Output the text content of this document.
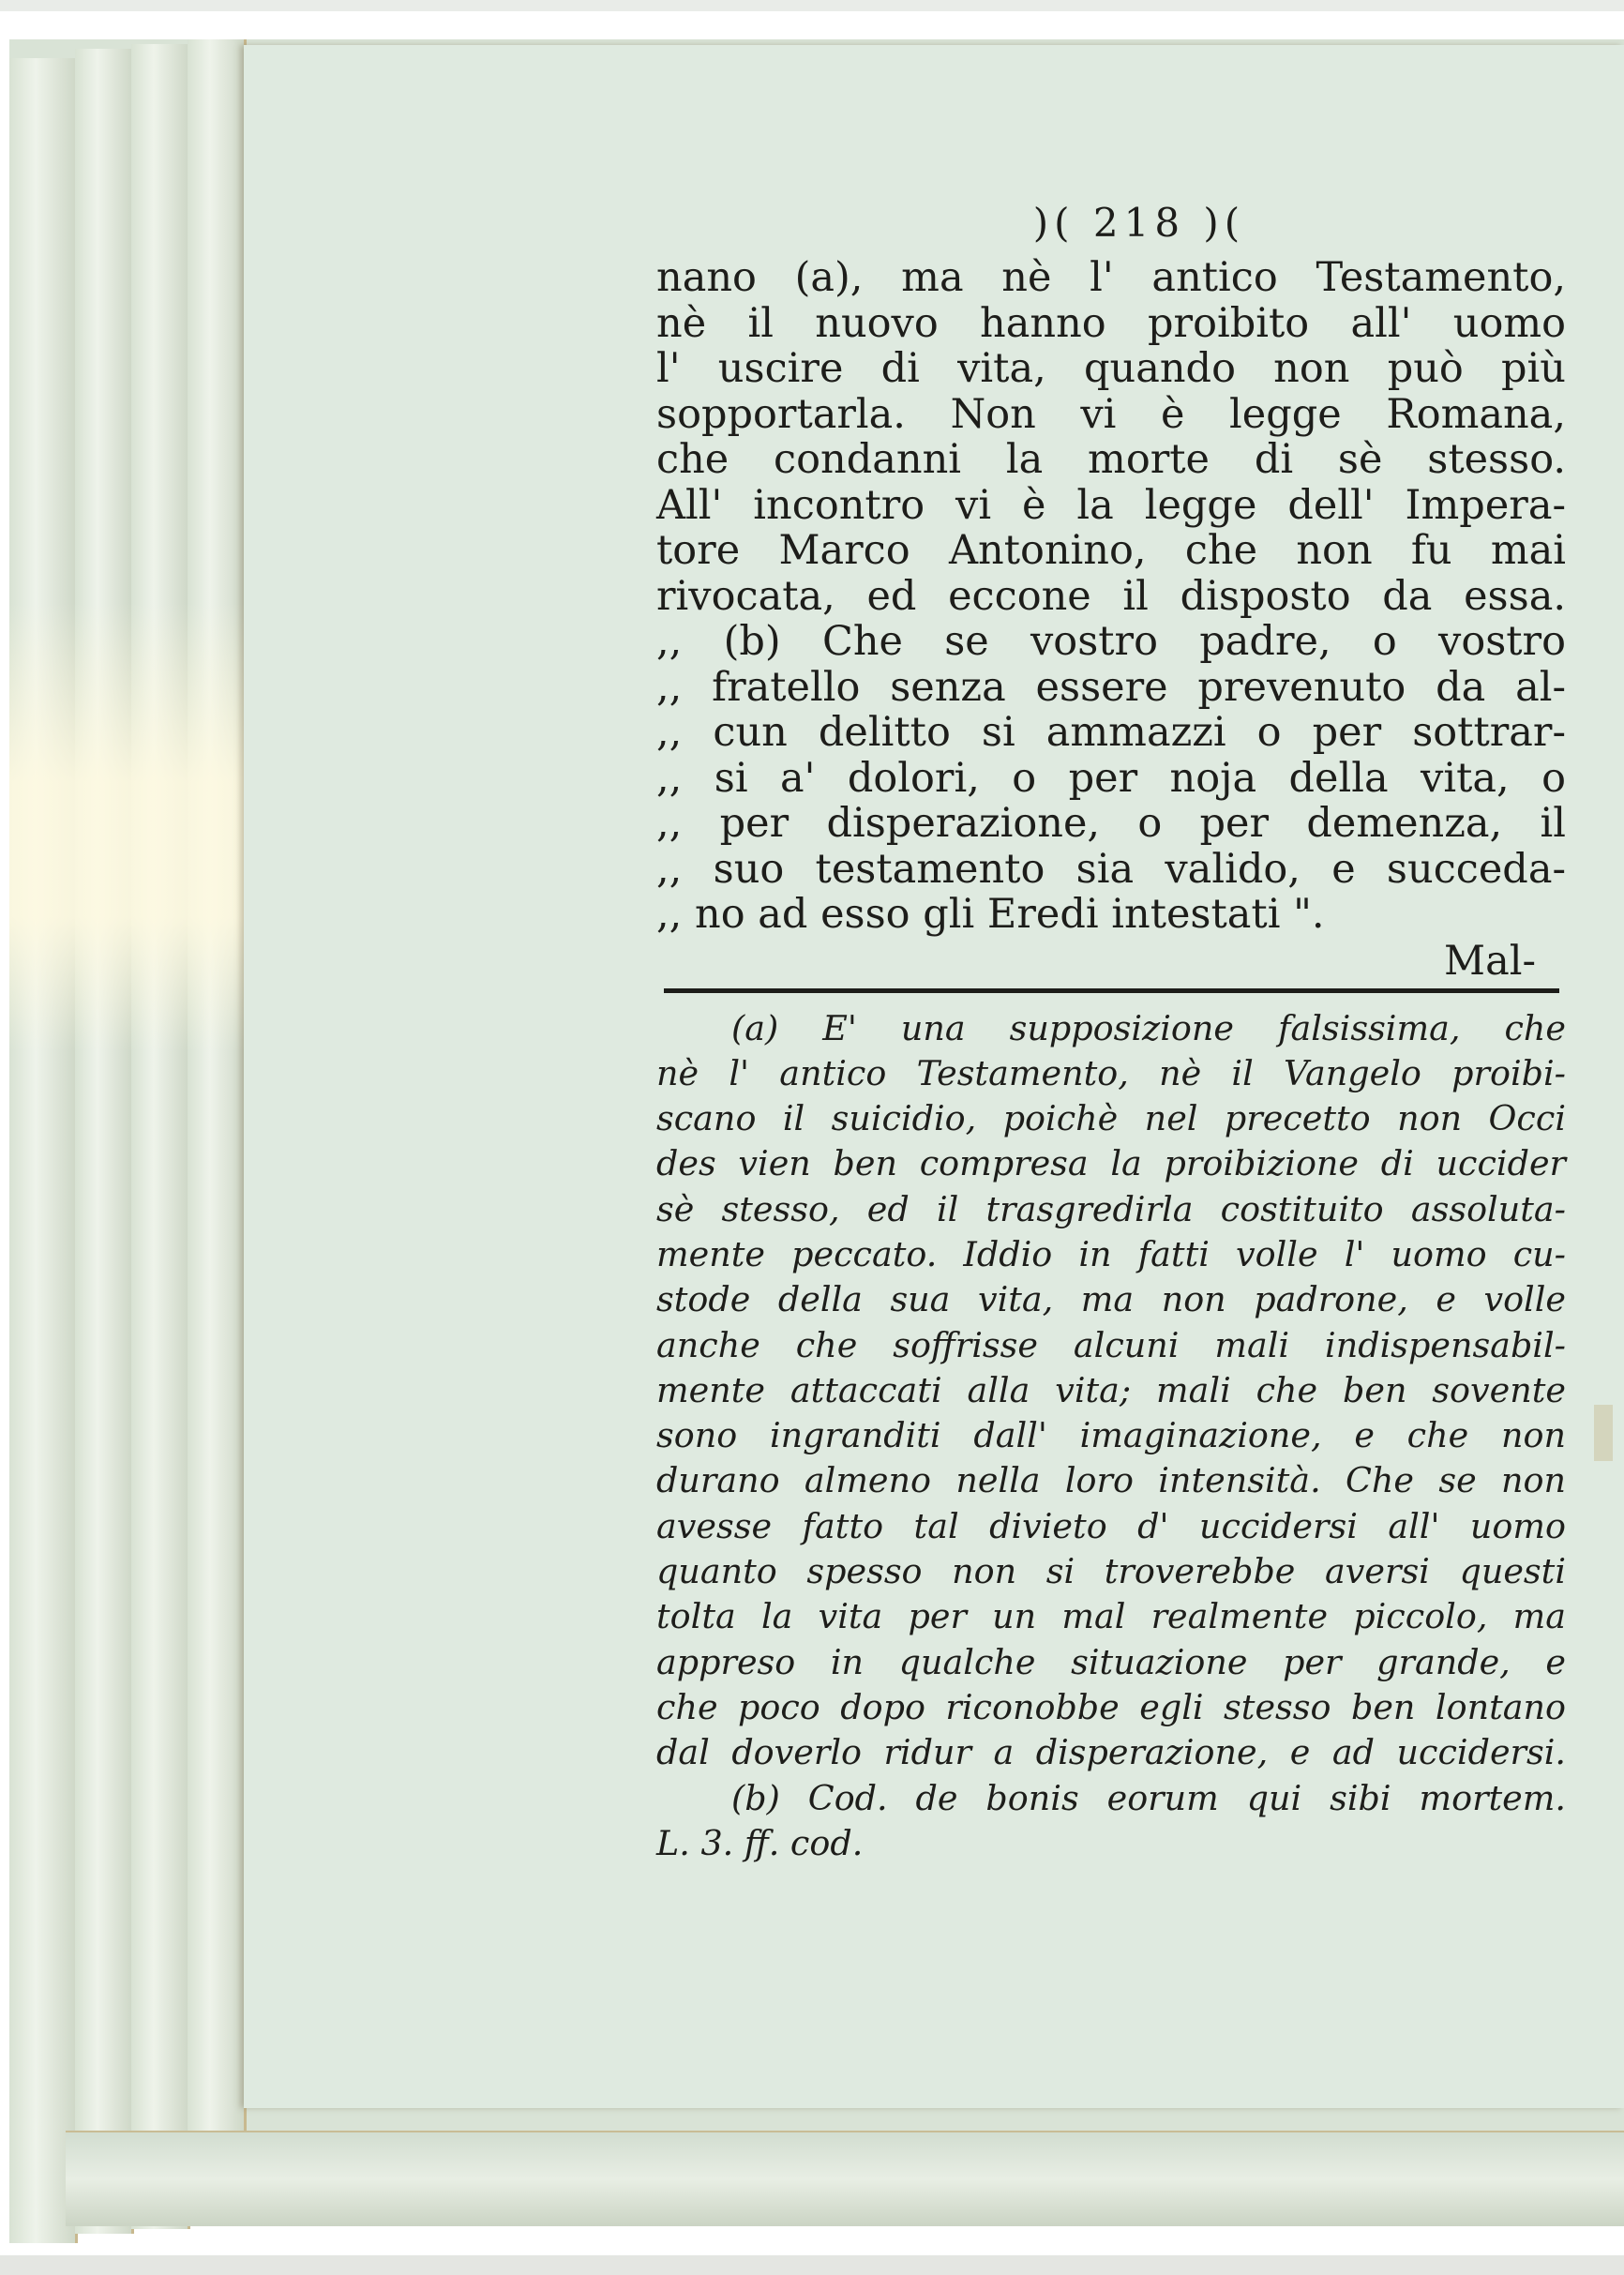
)( 218 )(
nano (a), ma nè l' antico Testamento,
nè il nuovo hanno proibito all' uomo
l' uscire di vita, quando non può più
sopportarla. Non vi è legge Romana,
che condanni la morte di sè stesso.
All' incontro vi è la legge dell' Impera-
tore Marco Antonino, che non fu mai
rivocata, ed eccone il disposto da essa.
,, (b) Che se vostro padre, o vostro
,, fratello senza essere prevenuto da al-
,, cun delitto si ammazzi o per sottrar-
,, si a' dolori, o per noja della vita, o
,, per disperazione, o per demenza, il
,, suo testamento sia valido, e succeda-
,, no ad esso gli Eredi intestati ".
Mal-
(a) E' una supposizione falsissima, che
nè l' antico Testamento, nè il Vangelo proibi-
scano il suicidio, poichè nel precetto non Occi
des vien ben compresa la proibizione di uccider
sè stesso, ed il trasgredirla costituito assoluta-
mente peccato. Iddio in fatti volle l' uomo cu-
stode della sua vita, ma non padrone, e volle
anche che soffrisse alcuni mali indispensabil-
mente attaccati alla vita; mali che ben sovente
sono ingranditi dall' imaginazione, e che non
durano almeno nella loro intensità. Che se non
avesse fatto tal divieto d' uccidersi all' uomo
quanto spesso non si troverebbe aversi questi
tolta la vita per un mal realmente piccolo, ma
appreso in qualche situazione per grande, e
che poco dopo riconobbe egli stesso ben lontano
dal doverlo ridur a disperazione, e ad uccidersi.
(b) Cod. de bonis eorum qui sibi mortem.
L. 3. ff. cod.
